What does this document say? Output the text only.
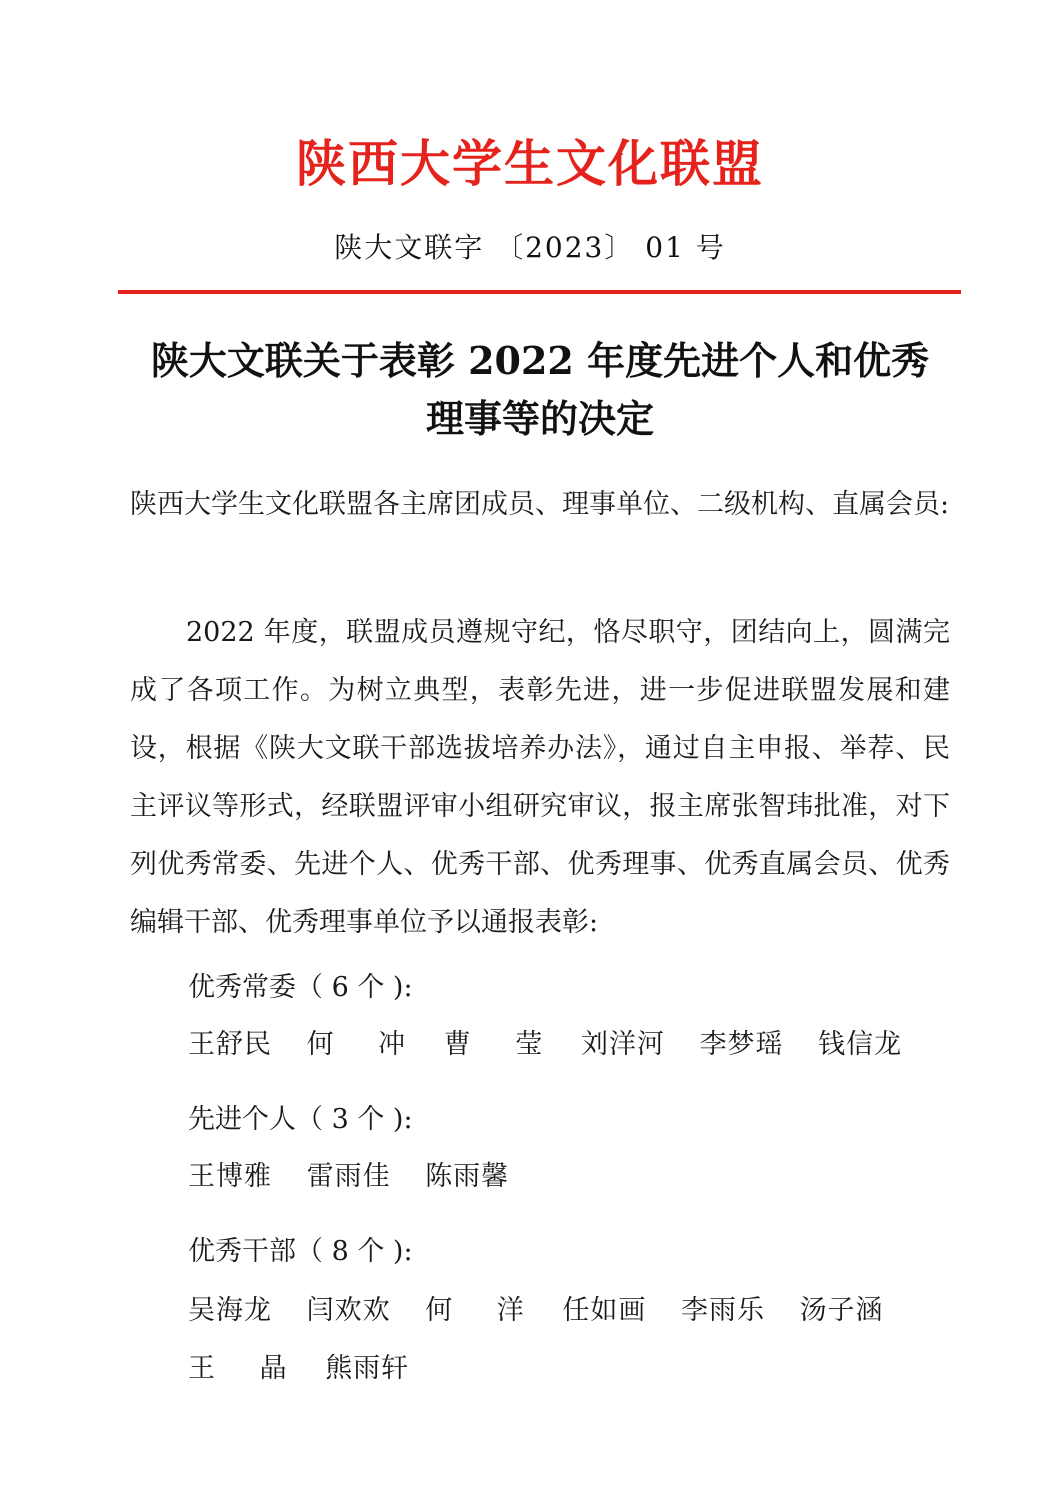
陕西大学生文化联盟
陕大文联字 〔2023〕 01 号
陕大文联关于表彰 2022 年度先进个人和优秀
理事等的决定
陕西大学生文化联盟各主席团成员、理事单位、二级机构、直属会员:
2022 年度，联盟成员遵规守纪，恪尽职守，团结向上，圆满完成了各项工作。为树立典型，表彰先进，进一步促进联盟发展和建设，根据《陕大文联干部选拔培养办法》，通过自主申报、举荐、民主评议等形式，经联盟评审小组研究审议，报主席张智玮批准，对下列优秀常委、先进个人、优秀干部、优秀理事、优秀直属会员、优秀编辑干部、优秀理事单位予以通报表彰:
优秀常委（ 6 个 ):
王舒民 何 冲 曹 莹 刘洋河 李梦瑶 钱信龙
先进个人（ 3 个 ):
王博雅 雷雨佳 陈雨馨
优秀干部（ 8 个 ):
吴海龙 闫欢欢 何 洋 任如画 李雨乐 汤子涵 王 晶 熊雨轩
